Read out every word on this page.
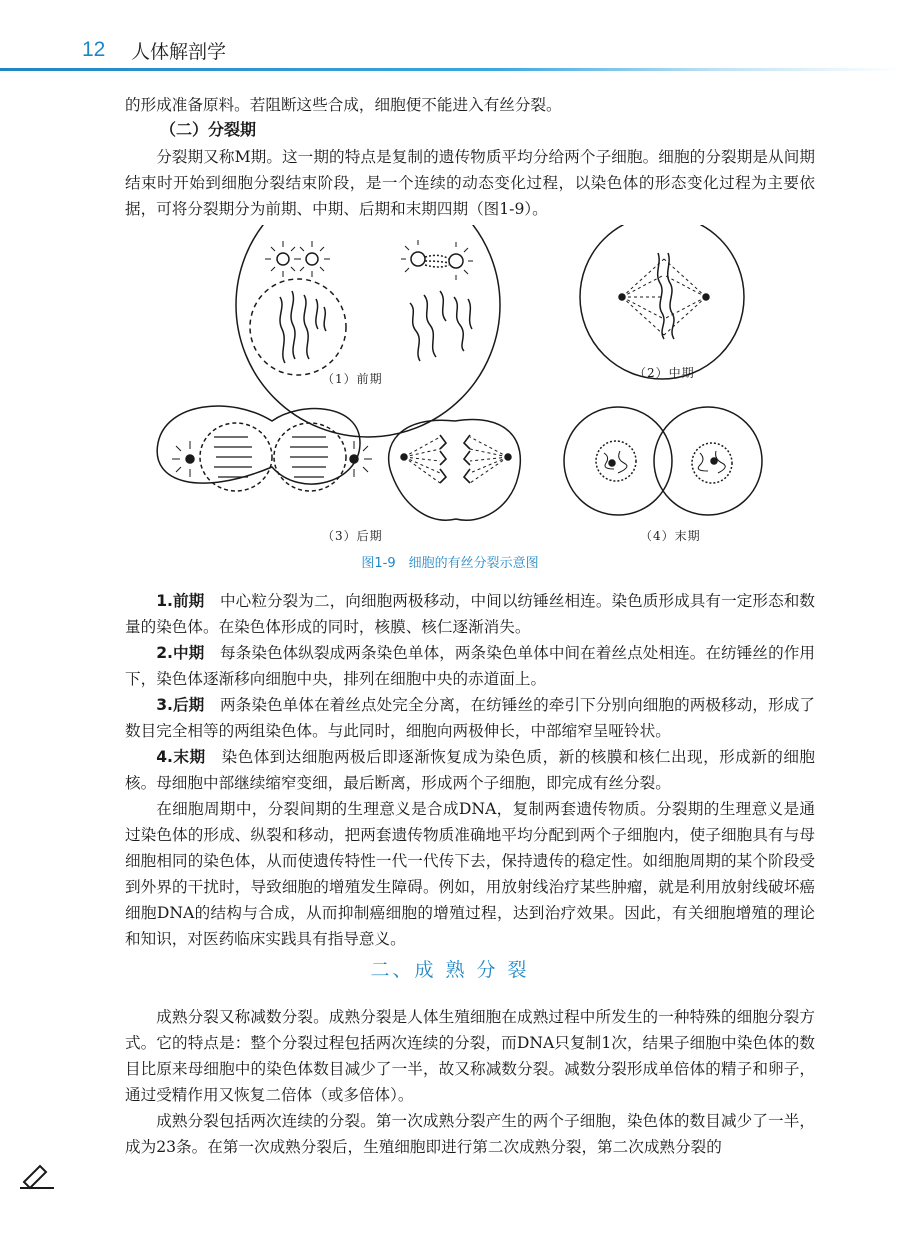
12 人体解剖学

的形成准备原料。若阻断这些合成，细胞便不能进入有丝分裂。

（二）分裂期

分裂期又称M期。这一期的特点是复制的遗传物质平均分给两个子细胞。细胞的分裂期是从间期结束时开始到细胞分裂结束阶段，是一个连续的动态变化过程，以染色体的形态变化过程为主要依据，可将分裂期分为前期、中期、后期和末期四期（图1-9）。

（1）前期	（2）中期
（3）后期	（4）末期
图1-9　细胞的有丝分裂示意图

1.前期　 中心粒分裂为二，向细胞两极移动，中间以纺锤丝相连。染色质形成具有一定形态和数量的染色体。在染色体形成的同时，核膜、核仁逐渐消失。

2.中期　 每条染色体纵裂成两条染色单体，两条染色单体中间在着丝点处相连。在纺锤丝的作用下，染色体逐渐移向细胞中央，排列在细胞中央的赤道面上。

3.后期　 两条染色单体在着丝点处完全分离，在纺锤丝的牵引下分别向细胞的两极移动，形成了数目完全相等的两组染色体。与此同时，细胞向两极伸长，中部缩窄呈哑铃状。

4.末期　 染色体到达细胞两极后即逐渐恢复成为染色质，新的核膜和核仁出现，形成新的细胞核。母细胞中部继续缩窄变细，最后断离，形成两个子细胞，即完成有丝分裂。

在细胞周期中，分裂间期的生理意义是合成DNA，复制两套遗传物质。分裂期的生理意义是通过染色体的形成、纵裂和移动，把两套遗传物质准确地平均分配到两个子细胞内，使子细胞具有与母细胞相同的染色体，从而使遗传特性一代一代传下去，保持遗传的稳定性。如细胞周期的某个阶段受到外界的干扰时，导致细胞的增殖发生障碍。例如，用放射线治疗某些肿瘤，就是利用放射线破坏癌细胞DNA的结构与合成，从而抑制癌细胞的增殖过程，达到治疗效果。因此，有关细胞增殖的理论和知识，对医药临床实践具有指导意义。

二、成 熟 分 裂

成熟分裂又称减数分裂。成熟分裂是人体生殖细胞在成熟过程中所发生的一种特殊的细胞分裂方式。它的特点是：整个分裂过程包括两次连续的分裂，而DNA只复制1次，结果子细胞中染色体的数目比原来母细胞中的染色体数目减少了一半，故又称减数分裂。减数分裂形成单倍体的精子和卵子，通过受精作用又恢复二倍体（或多倍体）。

成熟分裂包括两次连续的分裂。第一次成熟分裂产生的两个子细胞，染色体的数目减少了一半，成为23条。在第一次成熟分裂后，生殖细胞即进行第二次成熟分裂，第二次成熟分裂的
